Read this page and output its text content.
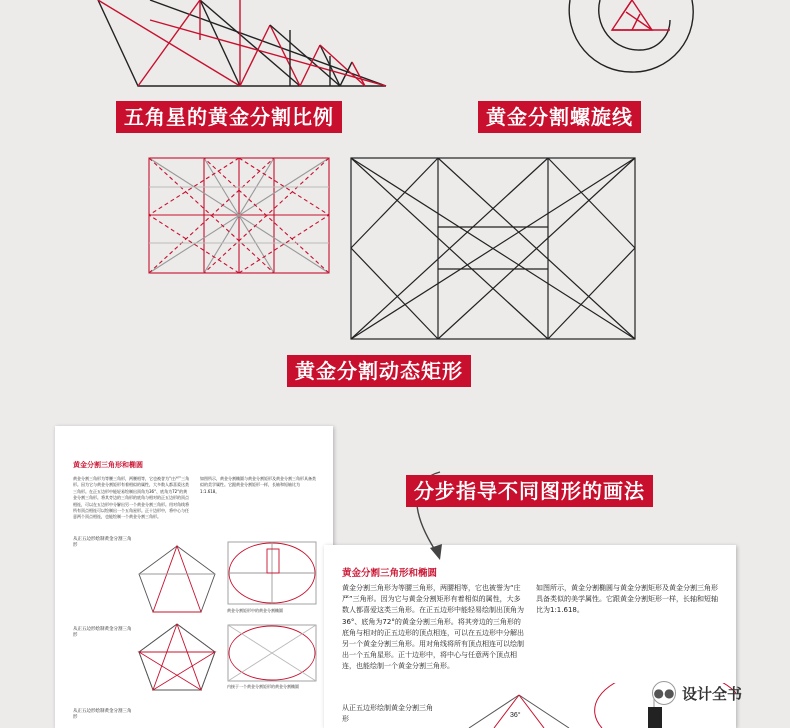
五角星的黄金分割比例	黄金分割螺旋线
黄金分割动态矩形
黄金分割三角形和椭圆
黄金分割三角形为等腰三角形，两腰相等，它也被誉为“庄严”三角形。因为它与黄金分割矩形有着相似的属性，大多数人都喜爱这类三角形。在正五边形中能轻易绘制出顶角为36°、底角为72°的黄金分割三角形。将其旁边的三角形的底角与相对的正五边形的顶点相连，可以在五边形中分解出另一个黄金分割三角形。用对角线将所有顶点相连可以绘制出一个五角星形。正十边形中，将中心与任意两个顶点相连，也能绘制一个黄金分割三角形。
如图所示，黄金分割椭圆与黄金分割矩形及黄金分割三角形具备类似的美学属性。它跟黄金分割矩形一样，长轴和短轴比为1:1.618。
从正五边形绘制黄金分割三角形
从正五边形绘制黄金分割三角形
从正五边形绘制黄金分割三角形
黄金分割矩形中的黄金分割椭圆
内接于一个黄金分割矩形的黄金分割椭圆
黄金分割三角形和椭圆
黄金分割三角形为等腰三角形，两腰相等，它也被誉为“庄严”三角形。因为它与黄金分割矩形有着相似的属性，大多数人都喜爱这类三角形。在正五边形中能轻易绘制出顶角为36°、底角为72°的黄金分割三角形。将其旁边的三角形的底角与相对的正五边形的顶点相连，可以在五边形中分解出另一个黄金分割三角形。用对角线将所有顶点相连可以绘制出一个五角星形。正十边形中，将中心与任意两个顶点相连，也能绘制一个黄金分割三角形。
如图所示，黄金分割椭圆与黄金分割矩形及黄金分割三角形具备类似的美学属性。它跟黄金分割矩形一样，长轴和短轴比为1:1.618。
从正五边形绘制黄金分割三角形	36°
分步指导不同图形的画法
●● 设计全书
